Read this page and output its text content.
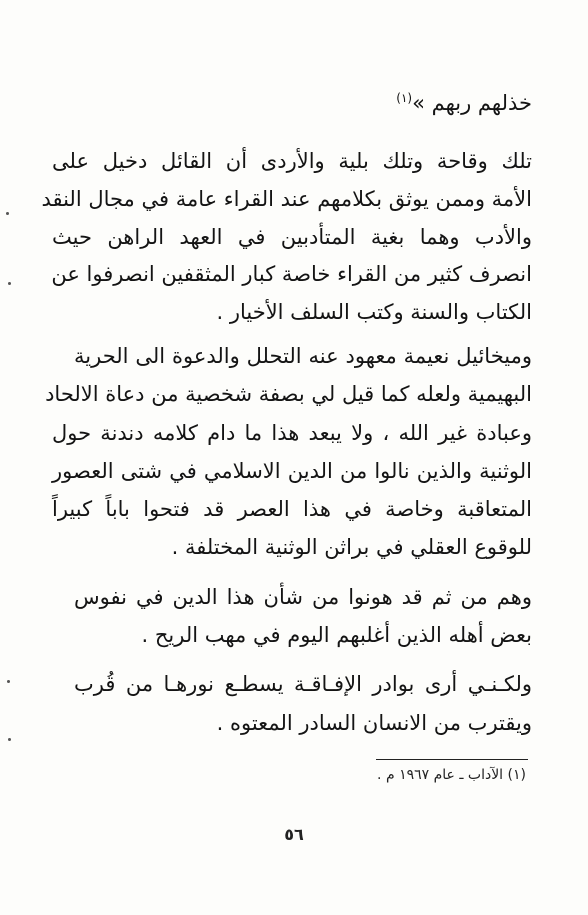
خذلهم ربهم »$^{(١)}$
تلك وقاحة وتلك بلية والأردى أن القائل دخيل على
الأمة وممن يوثق بكلامهم عند القراء عامة في مجال النقد
والأدب وهما بغية المتأدبين في العهد الراهن حيث
انصرف كثير من القراء خاصة كبار المثقفين انصرفوا عن
الكتاب والسنة وكتب السلف الأخيار .
وميخائيل نعيمة معهود عنه التحلل والدعوة الى الحرية
البهيمية ولعله كما قيل لي بصفة شخصية من دعاة الالحاد
وعبادة غير الله ، ولا يبعد هذا ما دام كلامه دندنة حول
الوثنية والذين نالوا من الدين الاسلامي في شتى العصور
المتعاقبة وخاصة في هذا العصر قد فتحوا باباً كبيراً
للوقوع العقلي في براثن الوثنية المختلفة .
وهم من ثم قد هونوا من شأن هذا الدين في نفوس
بعض أهله الذين أغلبهم اليوم في مهب الريح .
ولكـنـي أرى بوادر الإفـاقـة يسطـع نورهـا من قُرب
ويقترب من الانسان السادر المعتوه .
(١) الآداب ـ عام ١٩٦٧ م .
٥٦
